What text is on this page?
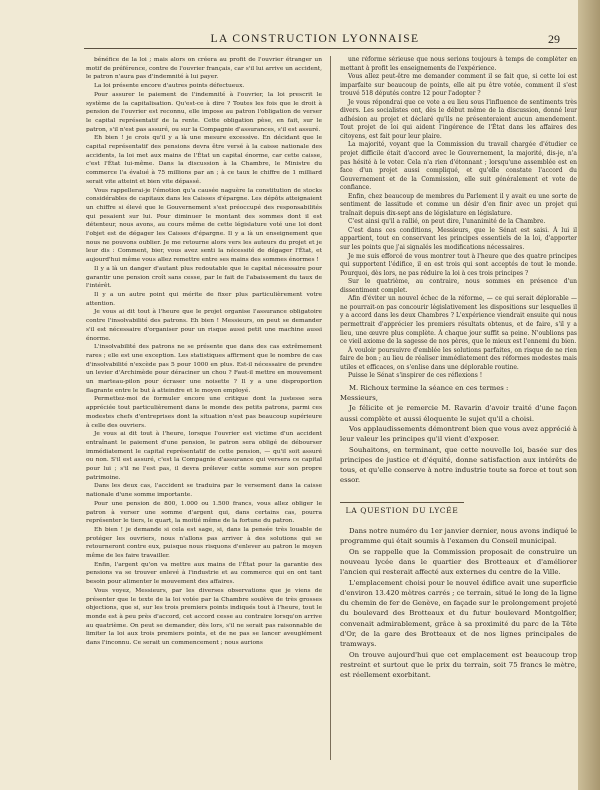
LA CONSTRUCTION LYONNAISE	29

bénéfice de la loi ; mais alors on créera au profit de l'ouvrier étranger un motif de préférence, contre de l'ouvrier français, car s'il lui arrive un accident, le patron n'aura pas d'indemnité à lui payer.

La loi présente encore d'autres points défectueux.

Pour assurer le paiement de l'indemnité à l'ouvrier, la loi prescrit le système de la capitalisation. Qu'est-ce à dire ? Toutes les fois que le droit à pension de l'ouvrier est reconnu, elle impose au patron l'obligation de verser le capital représentatif de la rente. Cette obligation pèse, en fait, sur le patron, s'il n'est pas assuré, ou sur la Compagnie d'assurances, s'il est assuré.

Eh bien ! je crois qu'il y a là une mesure excessive. En décidant que le capital représentatif des pensions devra être versé à la caisse nationale des accidents, la loi met aux mains de l'État un capital énorme, car cette caisse, c'est l'État lui-même. Dans la discussion à la Chambre, le Ministre du commerce l'a évalué à 75 millions par an ; à ce taux le chiffre de 1 milliard serait vite atteint et bien vite dépassé.

Vous rappellerai-je l'émotion qu'a causée naguère la constitution de stocks considérables de capitaux dans les Caisses d'épargne. Les dépôts atteignaient un chiffre si élevé que le Gouvernement s'est préoccupé des responsabilités qui pesaient sur lui. Pour diminuer le montant des sommes dont il est détenteur, nous avons, au cours même de cette législature voté une loi dont l'objet est de dégager les Caisses d'épargne. Il y a là un enseignement que nous ne pouvons oublier. Je me retourne alors vers les auteurs du projet et je leur dis : Comment, bier, vous avez senti la nécessité de dégager l'État, et aujourd'hui même vous allez remettre entre ses mains des sommes énormes !

Il y a là un danger d'autant plus redoutable que le capital nécessaire pour garantir une pension croît sans cesse, par le fait de l'abaissement du taux de l'intérêt.

Il y a un autre point qui mérite de fixer plus particulièrement votre attention.

Je vous ai dit tout à l'heure que le projet organise l'assurance obligatoire contre l'insolvabilité des patrons. Eh bien ! Messieurs, on peut se demander s'il est nécessaire d'organiser pour un risque aussi petit une machine aussi énorme.

L'insolvabilité des patrons ne se présente que dans des cas extrêmement rares ; elle est une exception. Les statistiques affirment que le nombre de cas d'insolvabilité n'excède pas 5 pour 1000 en plus. Est-il nécessaire de prendre un levier d'Archimède pour déraciner un chou ? Faut-il mettre en mouvement un marteau-pilon pour écraser une noisette ? Il y a une disproportion flagrante entre le but à atteindre et le moyen employé.

Permettez-moi de formuler encore une critique dont la justesse sera appréciée tout particulièrement dans le monde des petits patrons, parmi ces modestes chefs d'entreprises dont la situation n'est pas beaucoup supérieure à celle des ouvriers.

Je vous ai dit tout à l'heure, lorsque l'ouvrier est victime d'un accident entraînant le paiement d'une pension, le patron sera obligé de débourser immédiatement le capital représentatif de cette pension, — qu'il soit assuré ou non. S'il est assuré, c'est la Compagnie d'assurance qui versera ce capital pour lui ; s'il ne l'est pas, il devra prélever cette somme sur son propre patrimoine.

Dans les deux cas, l'accident se traduira par le versement dans la caisse nationale d'une somme importante.

Pour une pension de 800, 1.000 ou 1.500 francs, vous allez obliger le patron à verser une somme d'argent qui, dans certains cas, pourra représenter le tiers, le quart, la moitié même de la fortune du patron.

Eh bien ! je demande si cela est sage, si, dans la pensée très louable de protéger les ouvriers, nous n'allons pas arriver à des solutions qui se retourneront contre eux, puisque nous risquons d'enlever au patron le moyen même de les faire travailler.

Enfin, l'argent qu'on va mettre aux mains de l'État pour la garantie des pensions va se trouver enlevé à l'industrie et au commerce qui en ont tant besoin pour alimenter le mouvement des affaires.

Vous voyez, Messieurs, par les diverses observations que je viens de présenter que le texte de la loi votée par la Chambre soulève de très grosses objections, que si, sur les trois premiers points indiqués tout à l'heure, tout le monde est à peu près d'accord, cet accord cesse au contraire lorsqu'on arrive au quatrième. On peut se demander, dès lors, s'il ne serait pas raisonnable de limiter la loi aux trois premiers points, et de ne pas se lancer aveuglément dans l'inconnu. Ce serait un commencement ; nous aurions

une réforme sérieuse que nous serions toujours à temps de compléter en mettant à profit les enseignements de l'expérience.

Vous allez peut-être me demander comment il se fait que, si cette loi est imparfaite sur beaucoup de points, elle ait pu être votée, comment il s'est trouvé 518 députés contre 12 pour l'adopter ?

Je vous répondrai que ce vote a eu lieu sous l'influence de sentiments très divers. Les socialistes ont, dès le début même de la discussion, donné leur adhésion au projet et déclaré qu'ils ne présenteraient aucun amendement. Tout projet de loi qui aident l'ingérence de l'État dans les affaires des citoyens, est fait pour leur plaire.

La majorité, voyant que la Commission du travail chargée d'étudier ce projet difficile était d'accord avec le Gouvernement, la majorité, dis-je, n'a pas hésité à le voter. Cela n'a rien d'étonnant ; lorsqu'une assemblée est en face d'un projet aussi compliqué, et qu'elle constate l'accord du Gouvernement et de la Commission, elle suit généralement et vote de confiance.

Enfin, chez beaucoup de membres du Parlement il y avait eu une sorte de sentiment de lassitude et comme un désir d'en finir avec un projet qui traînait depuis dix-sept ans de législature en législature.

C'est ainsi qu'il a rallié, on peut dire, l'unanimité de la Chambre.

C'est dans ces conditions, Messieurs, que le Sénat est saisi. À lui il appartient, tout en conservant les principes essentiels de la loi, d'apporter sur les points que j'ai signalés les modifications nécessaires.

Je me suis efforcé de vous montrer tout à l'heure que des quatre principes qui supportent l'édifice, il en est trois qui sont acceptés de tout le monde. Pourquoi, dès lors, ne pas réduire la loi à ces trois principes ?

Sur le quatrième, au contraire, nous sommes en présence d'un dissentiment complet.

Afin d'éviter un nouvel échec de la réforme, — ce qui serait déplorable — ne pourrait-on pas concourir législativement les dispositions sur lesquelles il y a accord dans les deux Chambres ? L'expérience viendrait ensuite qui nous permettrait d'apprécier les premiers résultats obtenus, et de faire, s'il y a lieu, une œuvre plus complète. À chaque jour suffit sa peine. N'oublions pas ce vieil axiome de la sagesse de nos pères, que le mieux est l'ennemi du bien.

À vouloir poursuivre d'emblée les solutions parfaites, on risque de ne rien faire de bon ; au lieu de réaliser immédiatement des réformes modestes mais utiles et efficaces, on s'enlise dans une déplorable routine.

Puisse le Sénat s'inspirer de ces réflexions !

M. Richoux termine la séance en ces termes :

Messieurs,

Je félicite et je remercie M. Ravarin d'avoir traité d'une façon aussi complète et aussi éloquente le sujet qu'il a choisi.

Vos applaudissements démontrent bien que vous avez apprécié à leur valeur les principes qu'il vient d'exposer.

Souhaitons, en terminant, que cette nouvelle loi, basée sur des principes de justice et d'équité, donne satisfaction aux intérêts de tous, et qu'elle conserve à notre industrie toute sa force et tout son essor.

LA QUESTION DU LYCÉE

Dans notre numéro du 1er janvier dernier, nous avons indiqué le programme qui était soumis à l'examen du Conseil municipal.

On se rappelle que la Commission proposait de construire un nouveau lycée dans le quartier des Brotteaux et d'améliorer l'ancien qui resterait affecté aux externes du centre de la Ville.

L'emplacement choisi pour le nouvel édifice avait une superficie d'environ 13.420 mètres carrés ; ce terrain, situé le long de la ligne du chemin de fer de Genève, en façade sur le prolongement projeté du boulevard des Brotteaux et du futur boulevard Montgolfier, convenait admirablement, grâce à sa proximité du parc de la Tête d'Or, de la gare des Brotteaux et de nos lignes principales de tramways.

On trouve aujourd'hui que cet emplacement est beaucoup trop restreint et surtout que le prix du terrain, soit 75 francs le mètre, est réellement exorbitant.
